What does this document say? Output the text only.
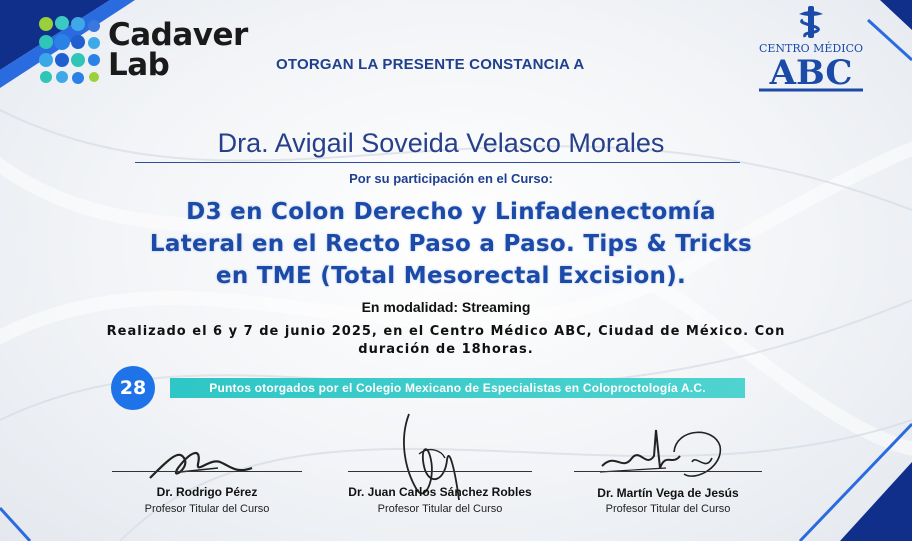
Cadaver
Lab	OTORGAN LA PRESENTE CONSTANCIA A
CENTRO MÉDICO
ABC
Dra. Avigail Soveida Velasco Morales
Por su participación en el Curso:
D3 en Colon Derecho y Linfadenectomía
Lateral en el Recto Paso a Paso. Tips & Tricks
en TME (Total Mesorectal Excision).
En modalidad: Streaming
Realizado el 6 y 7 de junio 2025, en el Centro Médico ABC, Ciudad de México. Con
duración de 18horas.
28	Puntos otorgados por el Colegio Mexicano de Especialistas en Coloproctología A.C.
Dr. Rodrigo Pérez
Profesor Titular del Curso
Dr. Juan Carlos Sánchez Robles
Profesor Titular del Curso
Dr. Martín Vega de Jesús
Profesor Titular del Curso
